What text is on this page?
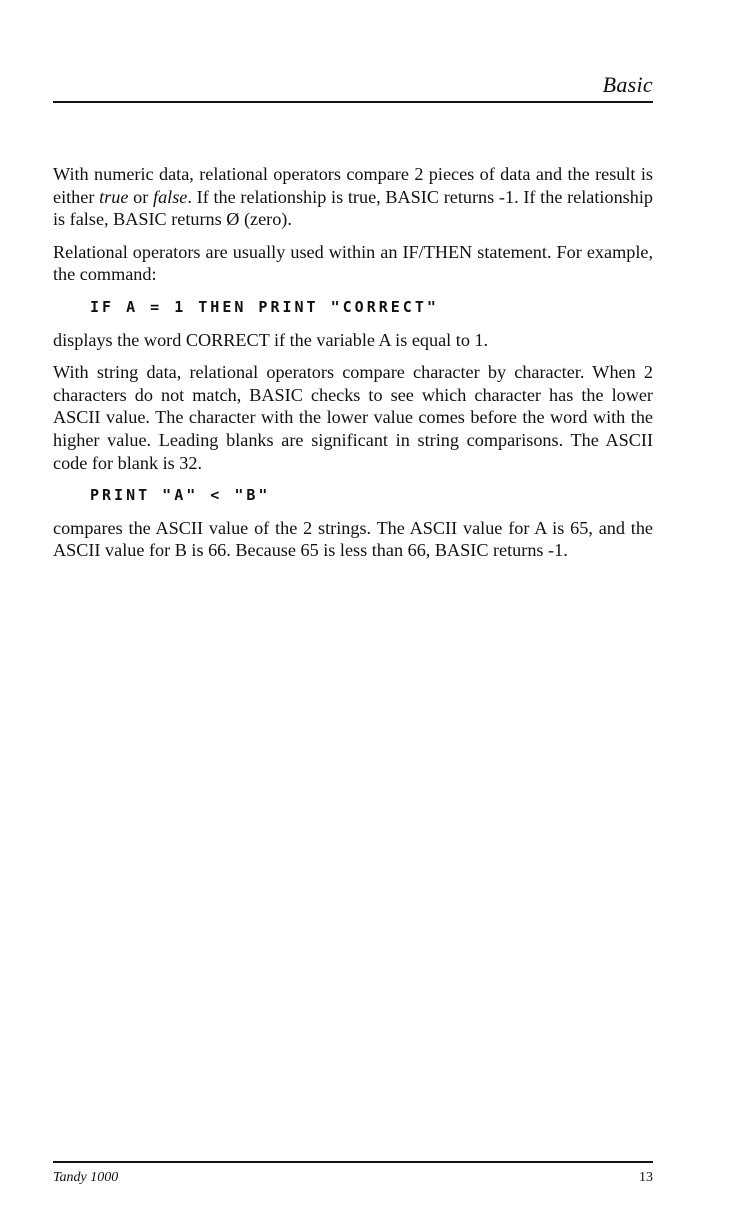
Basic

With numeric data, relational operators compare 2 pieces of data and the result is either true or false. If the relationship is true, BASIC returns -1. If the relationship is false, BASIC returns Ø (zero).

Relational operators are usually used within an IF/THEN statement. For example, the command:

IF A = 1 THEN PRINT "CORRECT"

displays the word CORRECT if the variable A is equal to 1.

With string data, relational operators compare character by character. When 2 characters do not match, BASIC checks to see which character has the lower ASCII value. The character with the lower value comes before the word with the higher value. Leading blanks are significant in string comparisons. The ASCII code for blank is 32.

PRINT "A" < "B"

compares the ASCII value of the 2 strings. The ASCII value for A is 65, and the ASCII value for B is 66. Because 65 is less than 66, BASIC returns -1.

Tandy 1000	13
